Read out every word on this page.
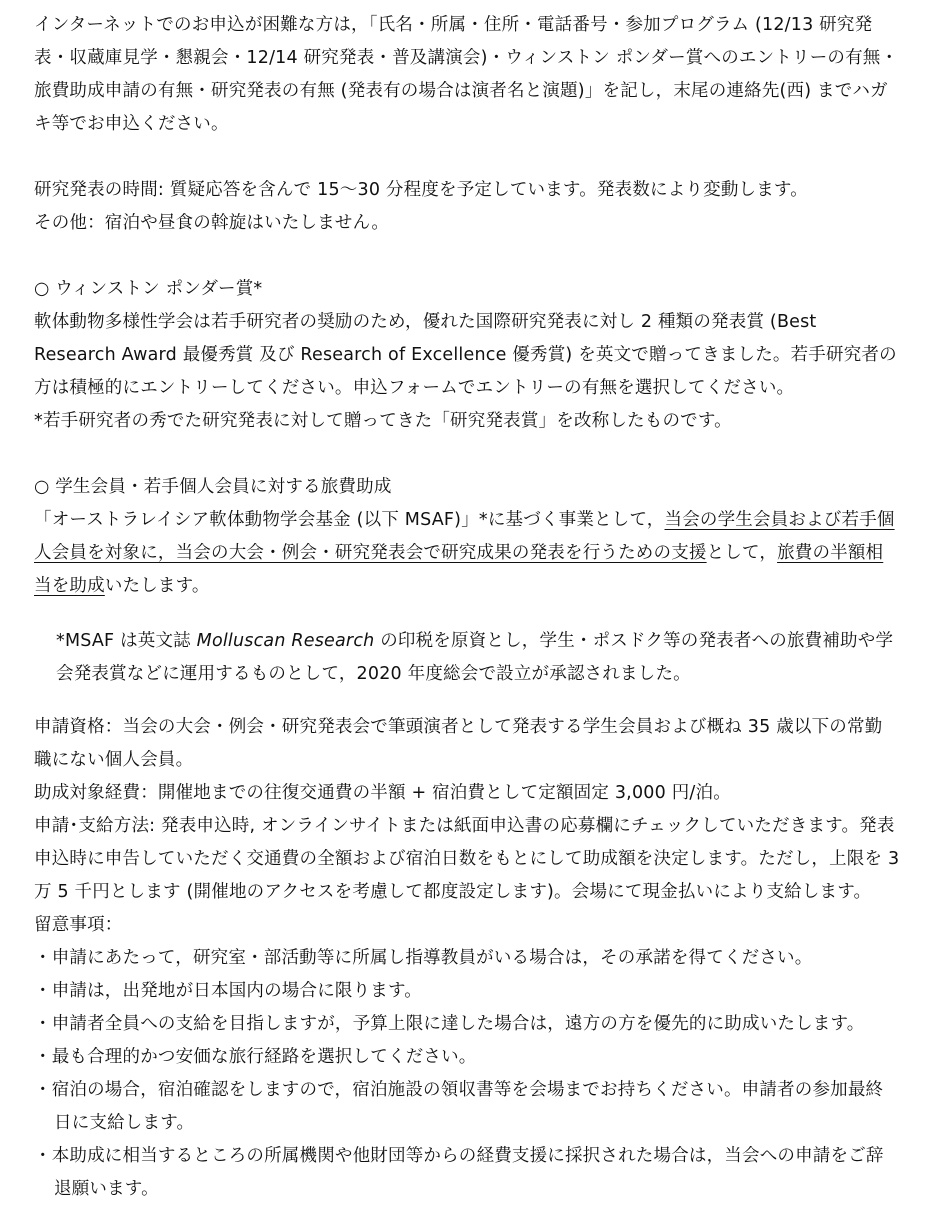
インターネットでのお申込が困難な方は，「氏名・所属・住所・電話番号・参加プログラム (12/13 研究発表・収蔵庫見学・懇親会・12/14 研究発表・普及講演会)・ウィンストン ポンダー賞へのエントリーの有無・旅費助成申請の有無・研究発表の有無 (発表有の場合は演者名と演題)」を記し，末尾の連絡先(西) までハガキ等でお申込ください。

研究発表の時間: 質疑応答を含んで 15〜30 分程度を予定しています。発表数により変動します。

その他：宿泊や昼食の斡旋はいたしません。

○ ウィンストン ポンダー賞*

軟体動物多様性学会は若手研究者の奨励のため，優れた国際研究発表に対し 2 種類の発表賞 (Best Research Award 最優秀賞 及び Research of Excellence 優秀賞) を英文で贈ってきました。若手研究者の方は積極的にエントリーしてください。申込フォームでエントリーの有無を選択してください。

*若手研究者の秀でた研究発表に対して贈ってきた「研究発表賞」を改称したものです。

○ 学生会員・若手個人会員に対する旅費助成

「オーストラレイシア軟体動物学会基金 (以下 MSAF)」*に基づく事業として，当会の学生会員および若手個人会員を対象に，当会の大会・例会・研究発表会で研究成果の発表を行うための支援として，旅費の半額相当を助成いたします。

*MSAF は英文誌 Molluscan Research の印税を原資とし，学生・ポスドク等の発表者への旅費補助や学会発表賞などに運用するものとして，2020 年度総会で設立が承認されました。

申請資格：当会の大会・例会・研究発表会で筆頭演者として発表する学生会員および概ね 35 歳以下の常勤職にない個人会員。

助成対象経費：開催地までの往復交通費の半額 + 宿泊費として定額固定 3,000 円/泊。

申請･支給方法: 発表申込時, オンラインサイトまたは紙面申込書の応募欄にチェックしていただきます。発表申込時に申告していただく交通費の全額および宿泊日数をもとにして助成額を決定します。ただし，上限を 3 万 5 千円とします (開催地のアクセスを考慮して都度設定します)。会場にて現金払いにより支給します。

留意事項：

・申請にあたって，研究室・部活動等に所属し指導教員がいる場合は，その承諾を得てください。

・申請は，出発地が日本国内の場合に限ります。

・申請者全員への支給を目指しますが，予算上限に達した場合は，遠方の方を優先的に助成いたします。

・最も合理的かつ安価な旅行経路を選択してください。

・宿泊の場合，宿泊確認をしますので，宿泊施設の領収書等を会場までお持ちください。申請者の参加最終日に支給します。

・本助成に相当するところの所属機関や他財団等からの経費支援に採択された場合は，当会への申請をご辞退願います。
